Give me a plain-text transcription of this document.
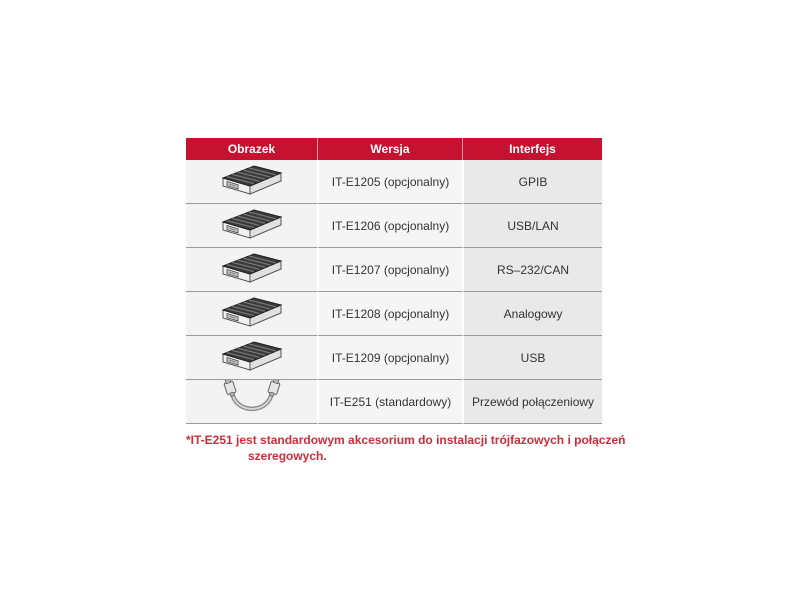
Obrazek	Wersja	Interfejs
	IT-E1205 (opcjonalny)	GPIB
	IT-E1206 (opcjonalny)	USB/LAN
	IT-E1207 (opcjonalny)	RS–232/CAN
	IT-E1208 (opcjonalny)	Analogowy
	IT-E1209 (opcjonalny)	USB
	IT-E251 (standardowy)	Przewód połączeniowy
*IT-E251 jest standardowym akcesorium do instalacji trójfazowych i połączeń
szeregowych.
